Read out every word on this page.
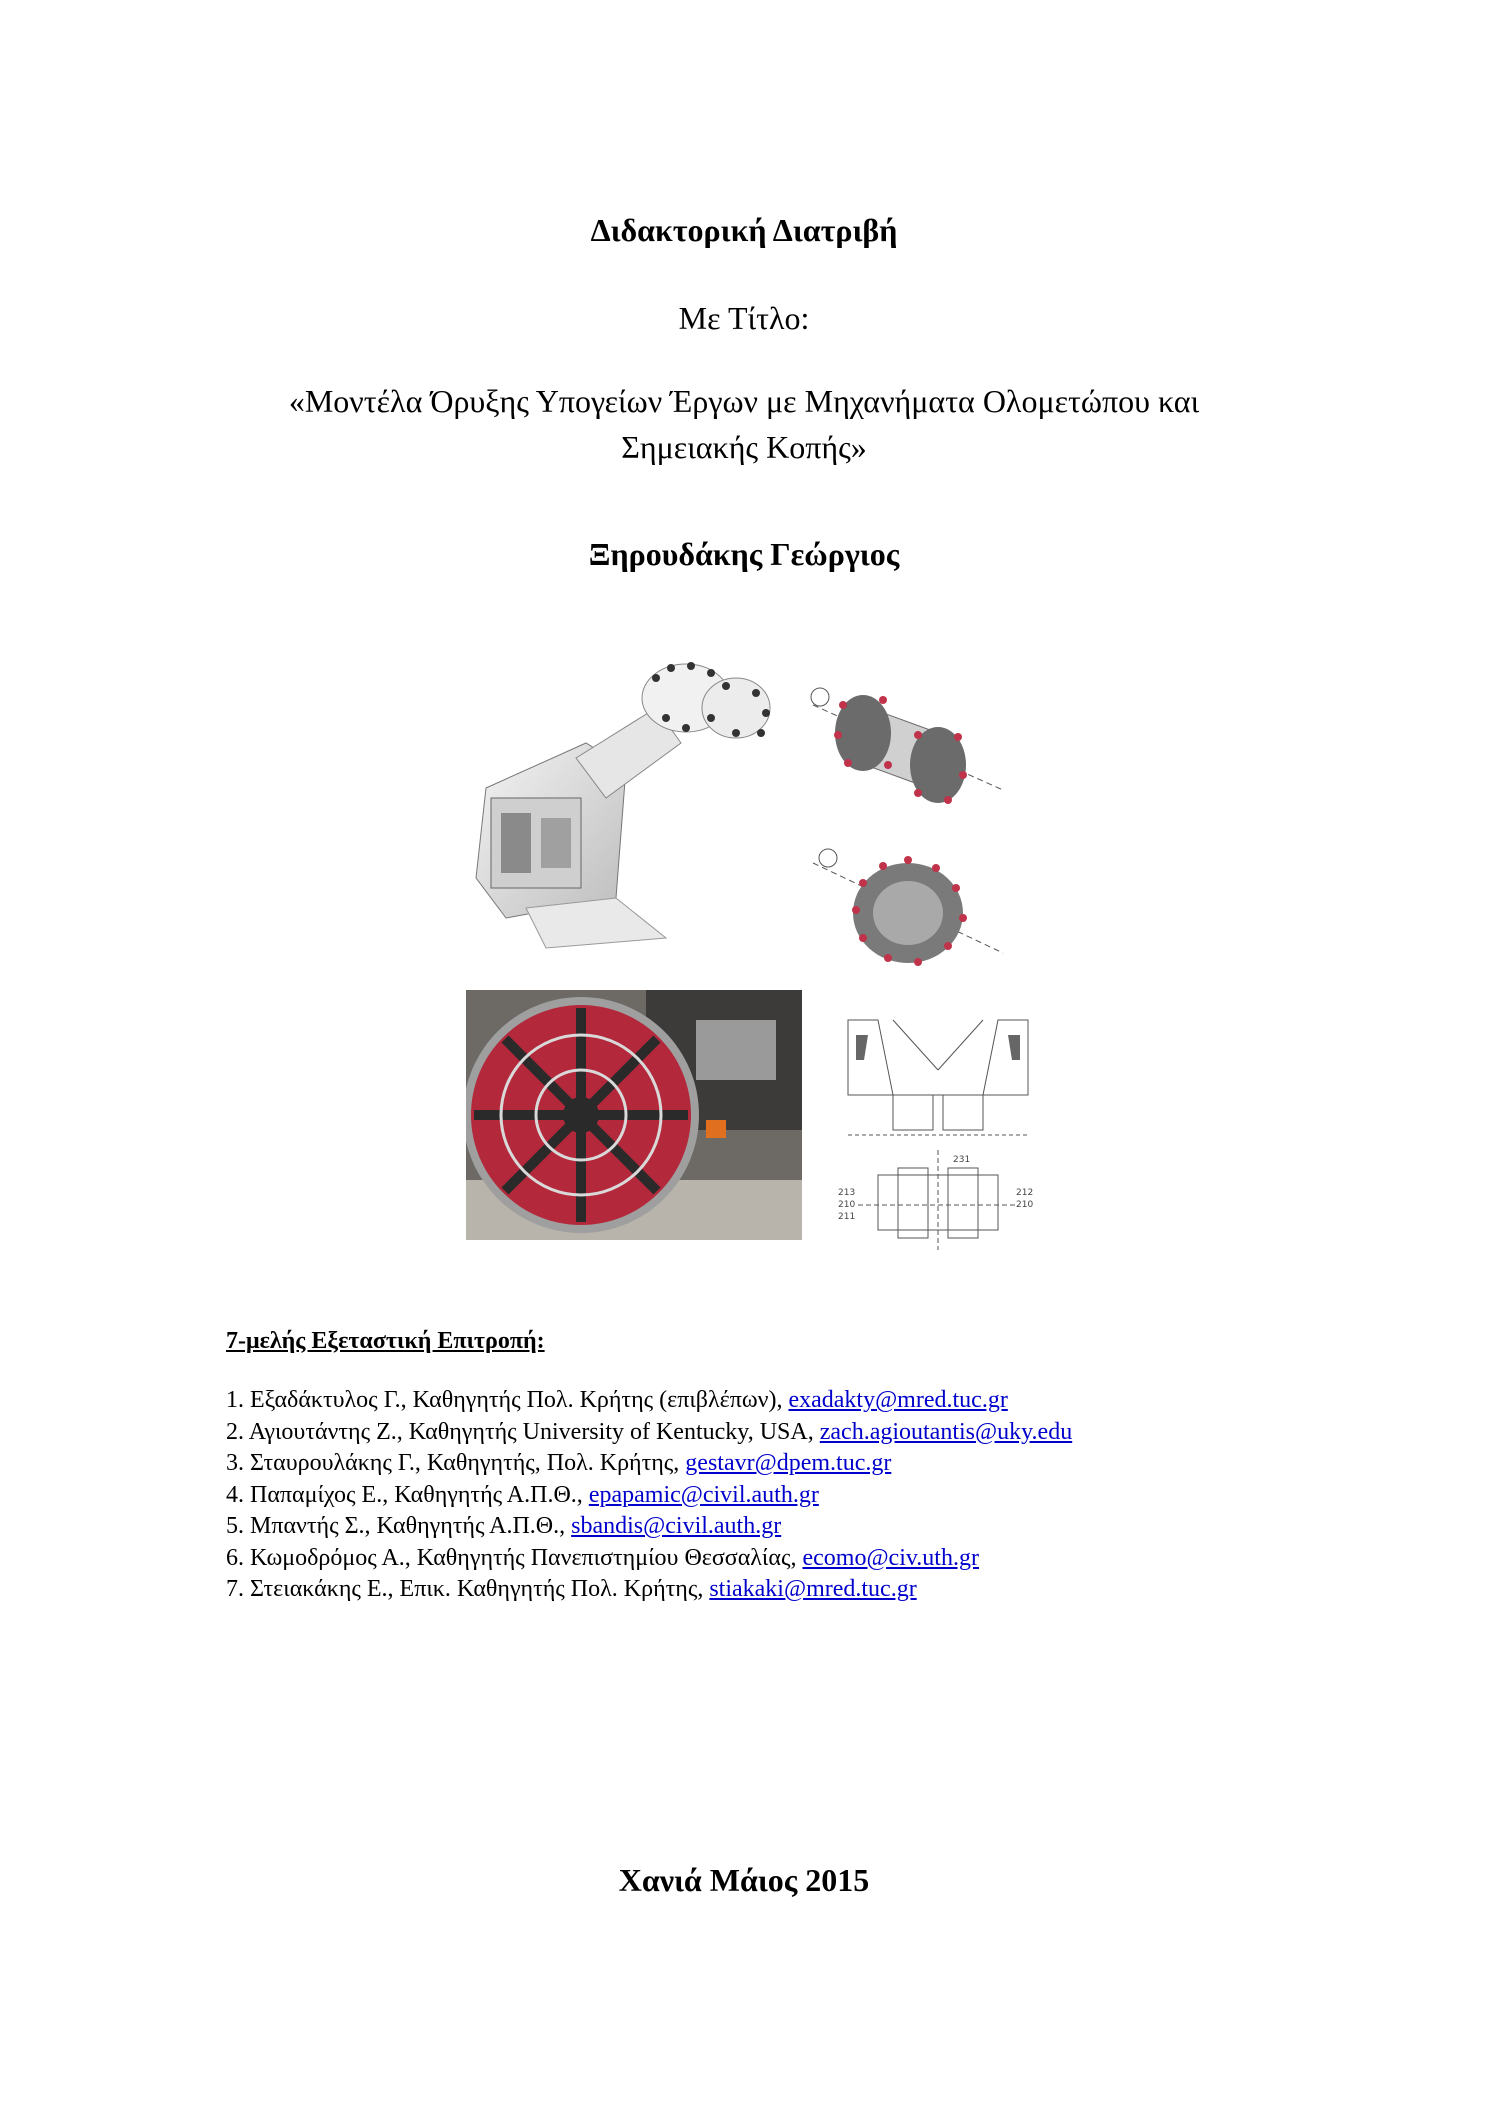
Διδακτορική Διατριβή
Με Τίτλο:
«Μοντέλα Όρυξης Υπογείων Έργων με Μηχανήματα Ολομετώπου και
Σημειακής Κοπής»
Ξηρουδάκης Γεώργιος
231
213
210
211
212
210
7-μελής Εξεταστική Επιτροπή:
1. Εξαδάκτυλος Γ., Καθηγητής Πολ. Κρήτης (επιβλέπων), exadakty@mred.tuc.gr
2. Αγιουτάντης Ζ., Καθηγητής University of Kentucky, USA, zach.agioutantis@uky.edu
3. Σταυρουλάκης Γ., Καθηγητής, Πολ. Κρήτης, gestavr@dpem.tuc.gr
4. Παπαμίχος Ε., Καθηγητής Α.Π.Θ., epapamic@civil.auth.gr
5. Μπαντής Σ., Καθηγητής Α.Π.Θ., sbandis@civil.auth.gr
6. Κωμοδρόμος Α., Καθηγητής Πανεπιστημίου Θεσσαλίας, ecomo@civ.uth.gr
7. Στειακάκης Ε., Επικ. Καθηγητής Πολ. Κρήτης, stiakaki@mred.tuc.gr
Χανιά Μάιος 2015
